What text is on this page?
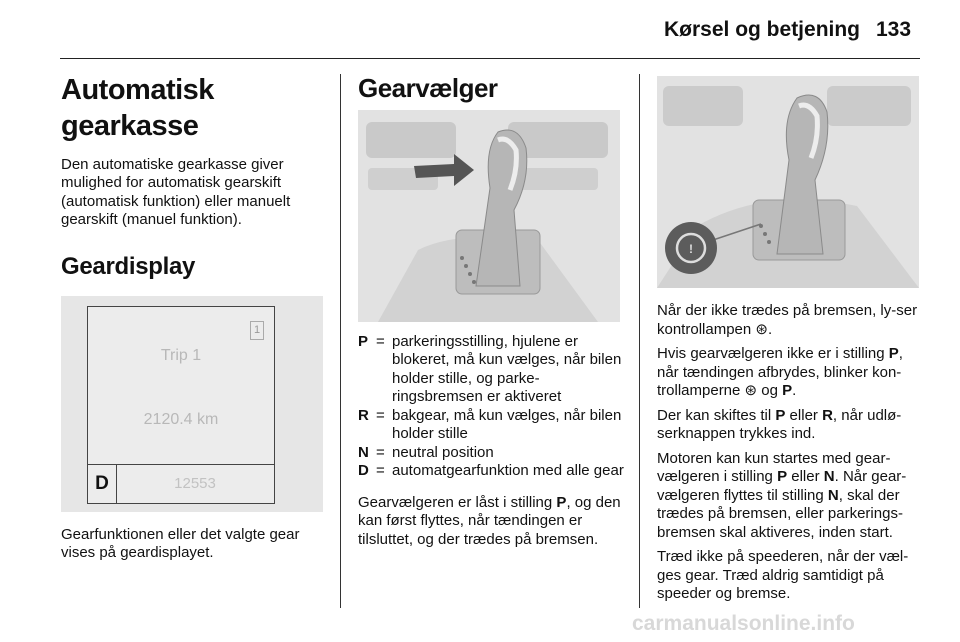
Kørsel og betjening 133
Automatisk gearkasse

Den automatiske gearkasse giver mulighed for automatisk gearskift (automatisk funktion) eller manuelt gearskift (manuel funktion).

Geardisplay
1
Trip 1
2120.4 km
D	12553

Gearfunktionen eller det valgte gear vises på geardisplayet.

Gearvælger
P = parkeringsstilling, hjulene er blokeret, må kun vælges, når bilen holder stille, og parke-ringsbremsen er aktiveret
R = bakgear, må kun vælges, når bilen holder stille
N = neutral position
D = automatgearfunktion med alle gear

Gearvælgeren er låst i stilling P, og den kan først flyttes, når tændingen er tilsluttet, og der trædes på bremsen.

!

Når der ikke trædes på bremsen, ly-ser kontrollampen ⊛.

Hvis gearvælgeren ikke er i stilling P, når tændingen afbrydes, blinker kon-trollamperne ⊛ og P.

Der kan skiftes til P eller R, når udlø-serknappen trykkes ind.

Motoren kan kun startes med gear-vælgeren i stilling P eller N. Når gear-vælgeren flyttes til stilling N, skal der trædes på bremsen, eller parkerings-bremsen skal aktiveres, inden start.

Træd ikke på speederen, når der væl-ges gear. Træd aldrig samtidigt på speeder og bremse.

carmanualsonline.info
